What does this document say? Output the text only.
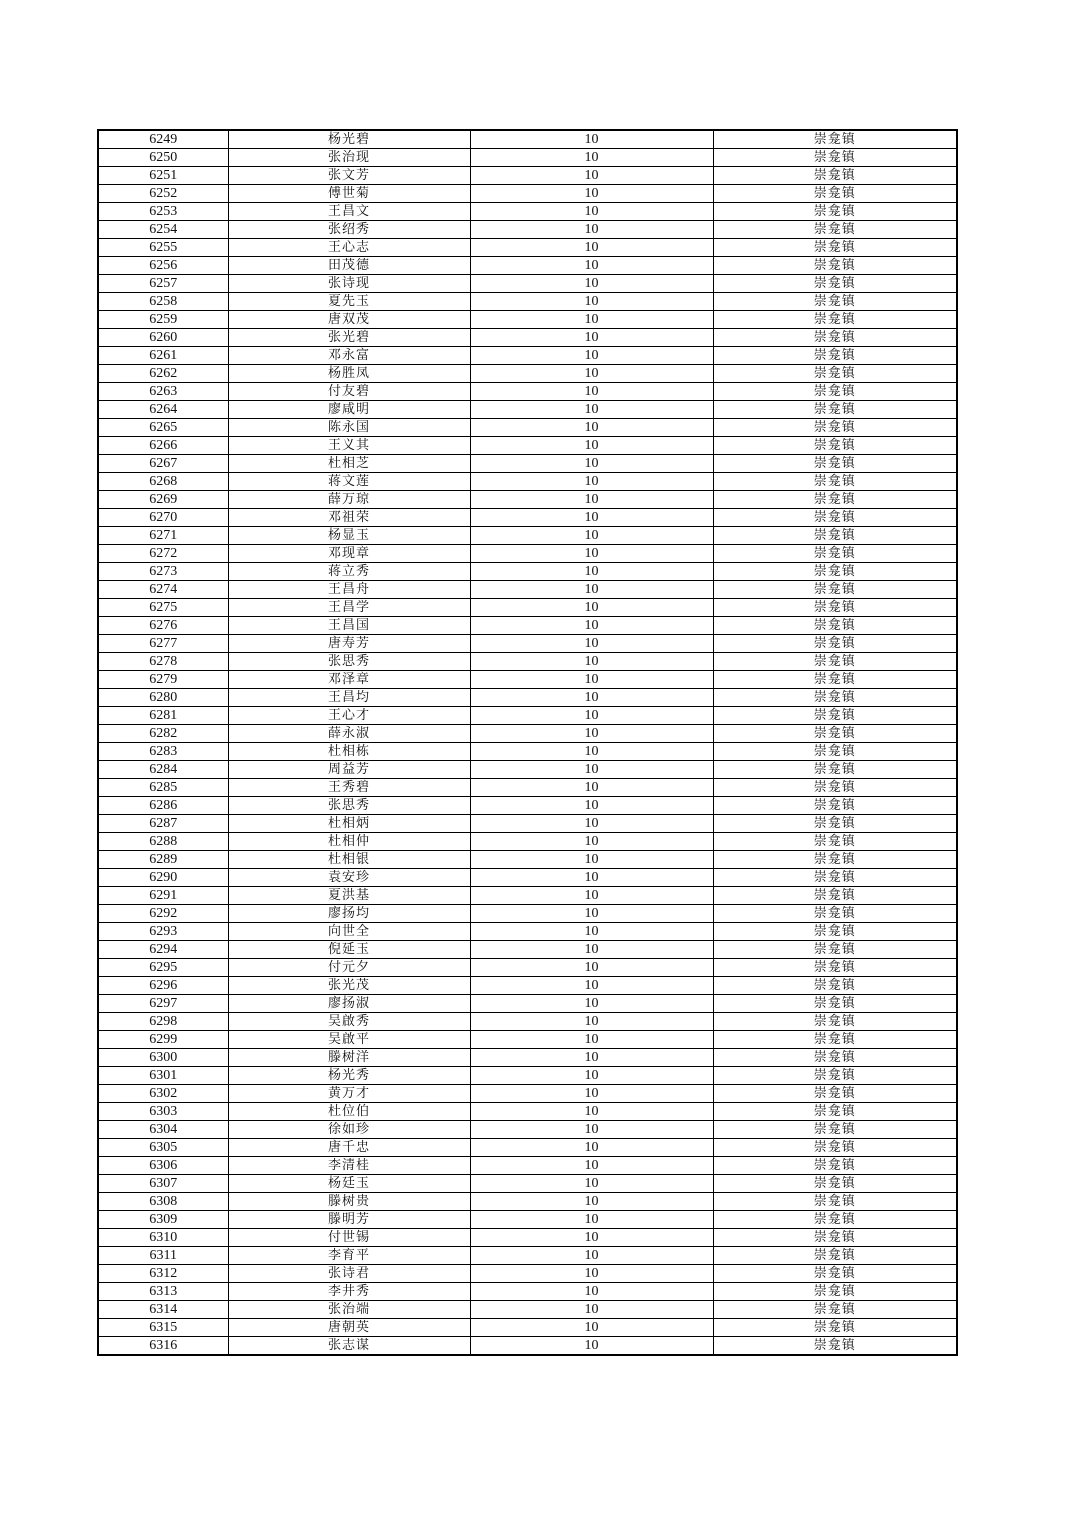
6249	杨光碧	10	崇龛镇
6250	张治现	10	崇龛镇
6251	张文芳	10	崇龛镇
6252	傅世菊	10	崇龛镇
6253	王昌文	10	崇龛镇
6254	张绍秀	10	崇龛镇
6255	王心志	10	崇龛镇
6256	田茂德	10	崇龛镇
6257	张诗现	10	崇龛镇
6258	夏先玉	10	崇龛镇
6259	唐双茂	10	崇龛镇
6260	张光碧	10	崇龛镇
6261	邓永富	10	崇龛镇
6262	杨胜凤	10	崇龛镇
6263	付友碧	10	崇龛镇
6264	廖咸明	10	崇龛镇
6265	陈永国	10	崇龛镇
6266	王义其	10	崇龛镇
6267	杜相芝	10	崇龛镇
6268	蒋文莲	10	崇龛镇
6269	薛万琼	10	崇龛镇
6270	邓祖荣	10	崇龛镇
6271	杨显玉	10	崇龛镇
6272	邓现章	10	崇龛镇
6273	蒋立秀	10	崇龛镇
6274	王昌舟	10	崇龛镇
6275	王昌学	10	崇龛镇
6276	王昌国	10	崇龛镇
6277	唐寿芳	10	崇龛镇
6278	张思秀	10	崇龛镇
6279	邓泽章	10	崇龛镇
6280	王昌均	10	崇龛镇
6281	王心才	10	崇龛镇
6282	薛永淑	10	崇龛镇
6283	杜相栋	10	崇龛镇
6284	周益芳	10	崇龛镇
6285	王秀碧	10	崇龛镇
6286	张思秀	10	崇龛镇
6287	杜相炳	10	崇龛镇
6288	杜相仲	10	崇龛镇
6289	杜相银	10	崇龛镇
6290	袁安珍	10	崇龛镇
6291	夏洪基	10	崇龛镇
6292	廖扬均	10	崇龛镇
6293	向世全	10	崇龛镇
6294	倪延玉	10	崇龛镇
6295	付元夕	10	崇龛镇
6296	张光茂	10	崇龛镇
6297	廖扬淑	10	崇龛镇
6298	吴啟秀	10	崇龛镇
6299	吴啟平	10	崇龛镇
6300	滕树洋	10	崇龛镇
6301	杨光秀	10	崇龛镇
6302	黄万才	10	崇龛镇
6303	杜位伯	10	崇龛镇
6304	徐如珍	10	崇龛镇
6305	唐千忠	10	崇龛镇
6306	李清桂	10	崇龛镇
6307	杨廷玉	10	崇龛镇
6308	滕树贵	10	崇龛镇
6309	滕明芳	10	崇龛镇
6310	付世锡	10	崇龛镇
6311	李育平	10	崇龛镇
6312	张诗君	10	崇龛镇
6313	李井秀	10	崇龛镇
6314	张治端	10	崇龛镇
6315	唐朝英	10	崇龛镇
6316	张志谋	10	崇龛镇
